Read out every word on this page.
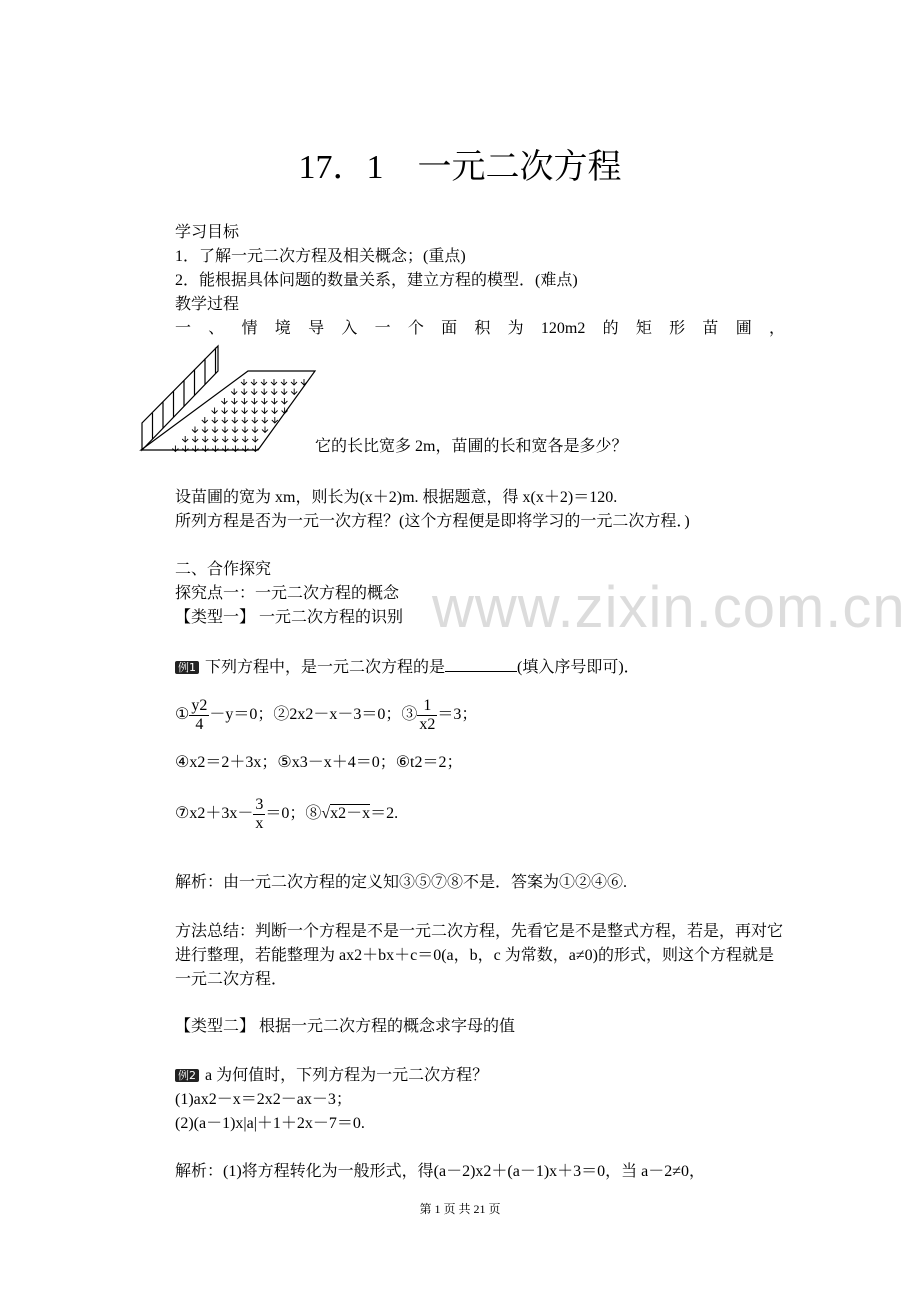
www.zixin.com.cn
17．1　一元二次方程
学习目标
1．了解一元二次方程及相关概念；(重点)
2．能根据具体问题的数量关系，建立方程的模型．(难点)
教学过程
一 、 情 境 导 入 一 个 面 积 为 120m2 的 矩 形 苗 圃 ，
它的长比宽多 2m，苗圃的长和宽各是多少？
设苗圃的宽为 xm，则长为(x＋2)m. 根据题意，得 x(x＋2)＝120.
所列方程是否为一元一次方程？(这个方程便是即将学习的一元二次方程．)
二、合作探究
探究点一：一元二次方程的概念
【类型一】 一元二次方程的识别
例1 下列方程中，是一元二次方程的是	(填入序号即可)．
① $\frac{y2}{4} -y=0$；②2x2－x－3＝0；③ $\frac{1}{x2} =3$；
④x2＝2＋3x；⑤x3－x＋4＝0；⑥t2＝2；
⑦x2＋3x－ $\frac{3}{x} =0$；⑧√x2－x＝2.
解析：由一元二次方程的定义知③⑤⑦⑧不是．答案为①②④⑥.
方法总结：判断一个方程是不是一元二次方程，先看它是不是整式方程，若是，再对它进行整理，若能整理为 ax2＋bx＋c＝0(a，b，c 为常数，a≠0)的形式，则这个方程就是一元二次方程．
【类型二】 根据一元二次方程的概念求字母的值
例2 a 为何值时，下列方程为一元二次方程？
(1)ax2－x＝2x2－ax－3；
(2)(a－1)x|a|＋1＋2x－7＝0.
解析：(1)将方程转化为一般形式，得(a－2)x2＋(a－1)x＋3＝0，当 a－2≠0，
第 1 页 共 21 页
